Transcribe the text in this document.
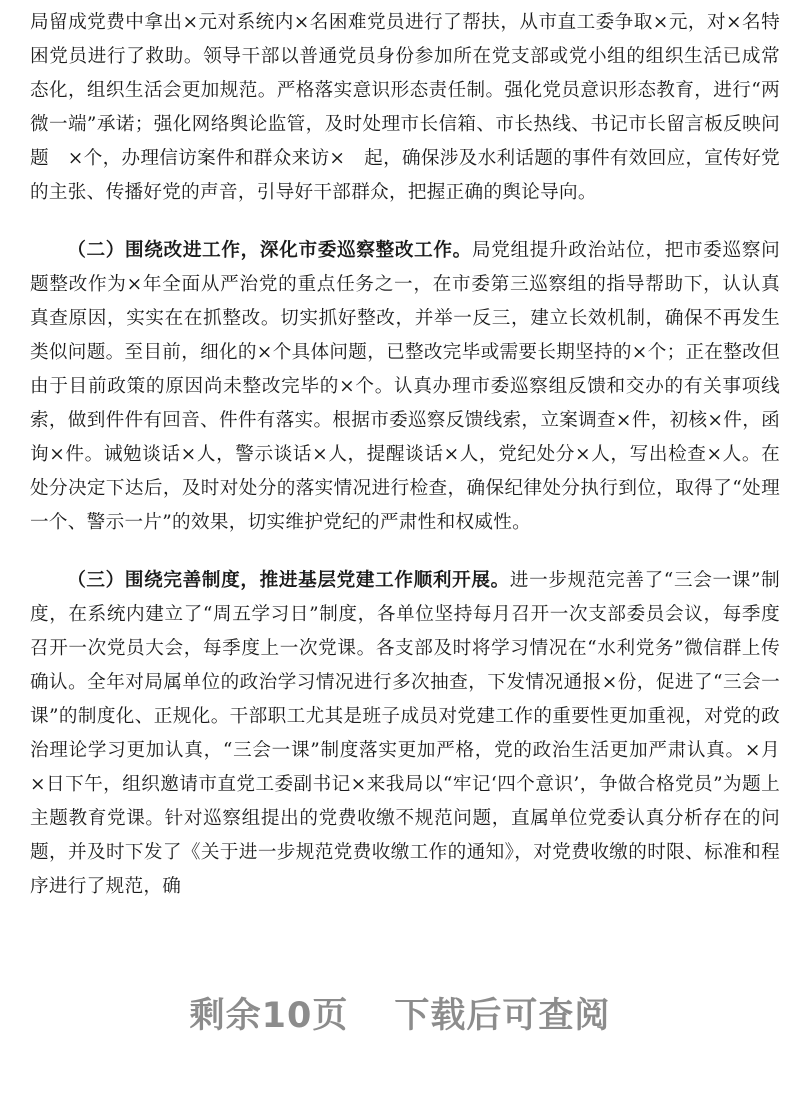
局留成党费中拿出×元对系统内×名困难党员进行了帮扶，从市直工委争取×元，对×名特困党员进行了救助。领导干部以普通党员身份参加所在党支部或党小组的组织生活已成常态化，组织生活会更加规范。严格落实意识形态责任制。强化党员意识形态教育，进行“两微一端”承诺；强化网络舆论监管，及时处理市长信箱、市长热线、书记市长留言板反映问题　×个，办理信访案件和群众来访×　起，确保涉及水利话题的事件有效回应，宣传好党的主张、传播好党的声音，引导好干部群众，把握正确的舆论导向。

（二）围绕改进工作，深化市委巡察整改工作。局党组提升政治站位，把市委巡察问题整改作为×年全面从严治党的重点任务之一，在市委第三巡察组的指导帮助下，认认真真查原因，实实在在抓整改。切实抓好整改，并举一反三，建立长效机制，确保不再发生类似问题。至目前，细化的×个具体问题，已整改完毕或需要长期坚持的×个；正在整改但由于目前政策的原因尚未整改完毕的×个。认真办理市委巡察组反馈和交办的有关事项线索，做到件件有回音、件件有落实。根据市委巡察反馈线索，立案调查×件，初核×件，函询×件。诫勉谈话×人，警示谈话×人，提醒谈话×人，党纪处分×人，写出检查×人。在处分决定下达后，及时对处分的落实情况进行检查，确保纪律处分执行到位，取得了“处理一个、警示一片”的效果，切实维护党纪的严肃性和权威性。

（三）围绕完善制度，推进基层党建工作顺利开展。进一步规范完善了“三会一课”制度，在系统内建立了“周五学习日”制度，各单位坚持每月召开一次支部委员会议，每季度召开一次党员大会，每季度上一次党课。各支部及时将学习情况在“水利党务”微信群上传确认。全年对局属单位的政治学习情况进行多次抽查，下发情况通报×份，促进了“三会一课”的制度化、正规化。干部职工尤其是班子成员对党建工作的重要性更加重视，对党的政治理论学习更加认真，“三会一课”制度落实更加严格，党的政治生活更加严肃认真。×月×日下午，组织邀请市直党工委副书记×来我局以“牢记‘四个意识’，争做合格党员”为题上主题教育党课。针对巡察组提出的党费收缴不规范问题，直属单位党委认真分析存在的问题，并及时下发了《关于进一步规范党费收缴工作的通知》，对党费收缴的时限、标准和程序进行了规范，确

剩余10页 下载后可查阅
